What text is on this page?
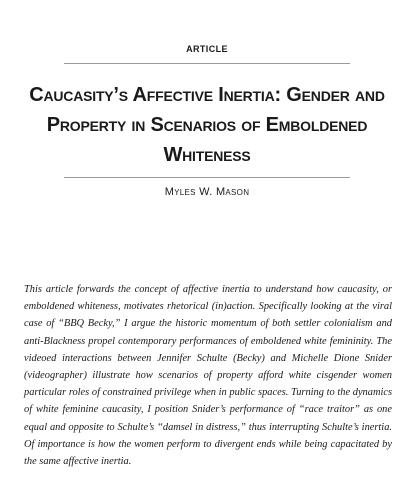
ARTICLE
Caucasity’s Affective Inertia: Gender and Property in Scenarios of Emboldened Whiteness
Myles W. Mason

This article forwards the concept of affective inertia to understand how caucasity, or emboldened whiteness, motivates rhetorical (in)action. Specifically looking at the viral case of “BBQ Becky,” I argue the historic momentum of both settler colonialism and anti-Blackness propel contemporary performances of emboldened white femininity. The videoed interactions between Jennifer Schulte (Becky) and Michelle Dione Snider (videographer) illustrate how scenarios of property afford white cisgender women particular roles of constrained privilege when in public spaces. Turning to the dynamics of white feminine caucasity, I position Snider’s performance of “race traitor” as one equal and opposite to Schulte’s “damsel in distress,” thus interrupting Schulte’s inertia. Of importance is how the women perform to divergent ends while being capacitated by the same affective inertia.
